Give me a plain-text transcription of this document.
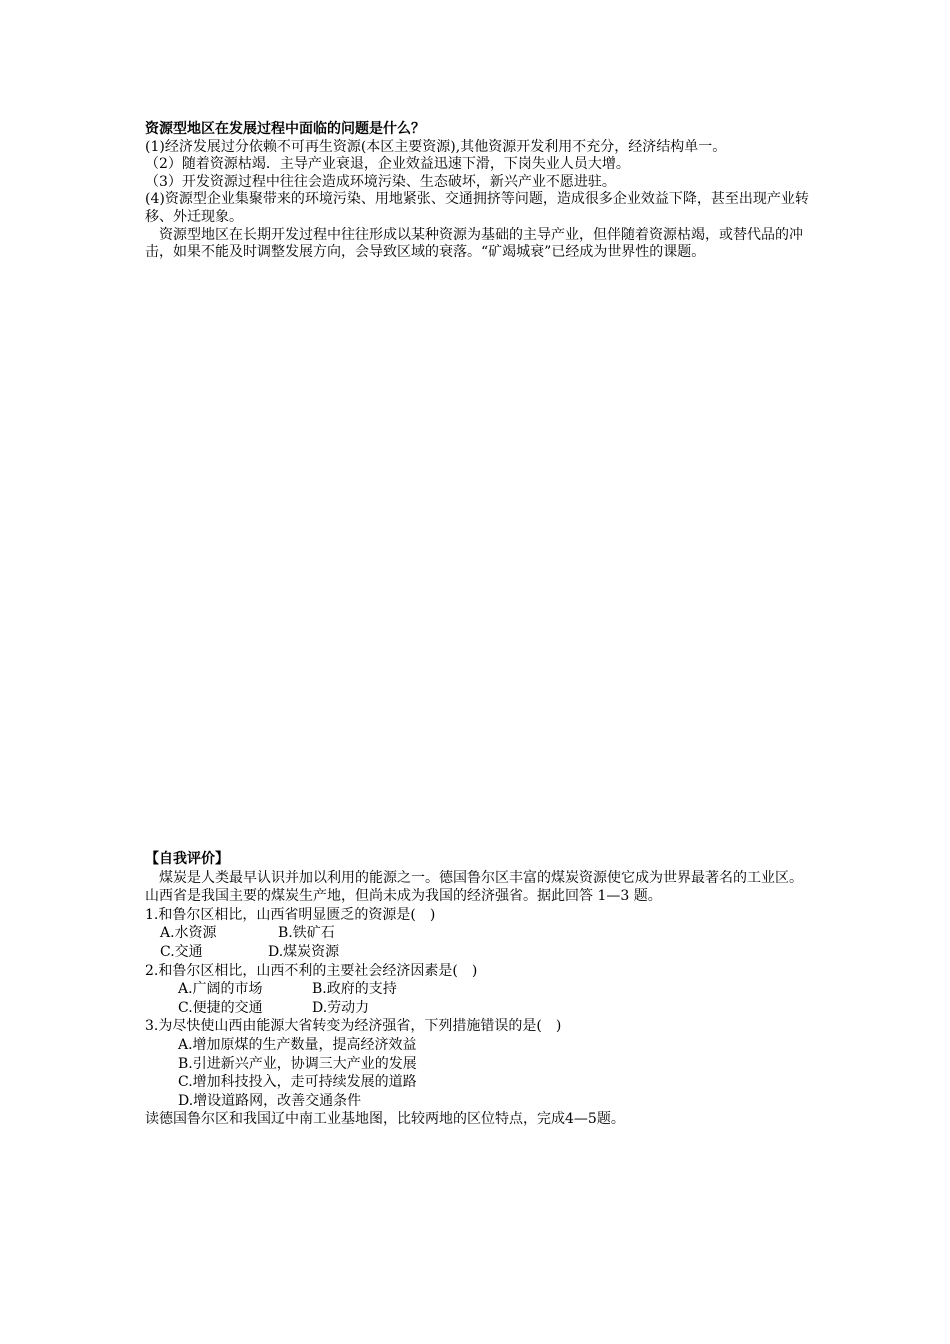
资源型地区在发展过程中面临的问题是什么？

(1)经济发展过分依赖不可再生资源(本区主要资源),其他资源开发利用不充分，经济结构单一。

（2）随着资源枯竭．主导产业衰退，企业效益迅速下滑，下岗失业人员大增。

（3）开发资源过程中往往会造成环境污染、生态破坏，新兴产业不愿进驻。

(4)资源型企业集聚带来的环境污染、用地紧张、交通拥挤等问题，造成很多企业效益下降，甚至出现产业转移、外迁现象。

　资源型地区在长期开发过程中往往形成以某种资源为基础的主导产业，但伴随着资源枯竭，或替代品的冲击，如果不能及时调整发展方向，会导致区域的衰落。“矿竭城衰”已经成为世界性的课题。

【自我评价】

　煤炭是人类最早认识并加以利用的能源之一。德国鲁尔区丰富的煤炭资源使它成为世界最著名的工业区。山西省是我国主要的煤炭生产地，但尚未成为我国的经济强省。据此回答 1—3 题。

1.和鲁尔区相比，山西省明显匮乏的资源是(　)

A.水资源	B.铁矿石

C.交通	D.煤炭资源

2.和鲁尔区相比，山西不利的主要社会经济因素是(　)

A.广阔的市场	B.政府的支持

C.便捷的交通	D.劳动力

3.为尽快使山西由能源大省转变为经济强省，下列措施错误的是(　)

A.增加原煤的生产数量，提高经济效益

B.引进新兴产业，协调三大产业的发展

C.增加科技投入，走可持续发展的道路

D.增设道路网，改善交通条件

读德国鲁尔区和我国辽中南工业基地图，比较两地的区位特点，完成4—5题。
